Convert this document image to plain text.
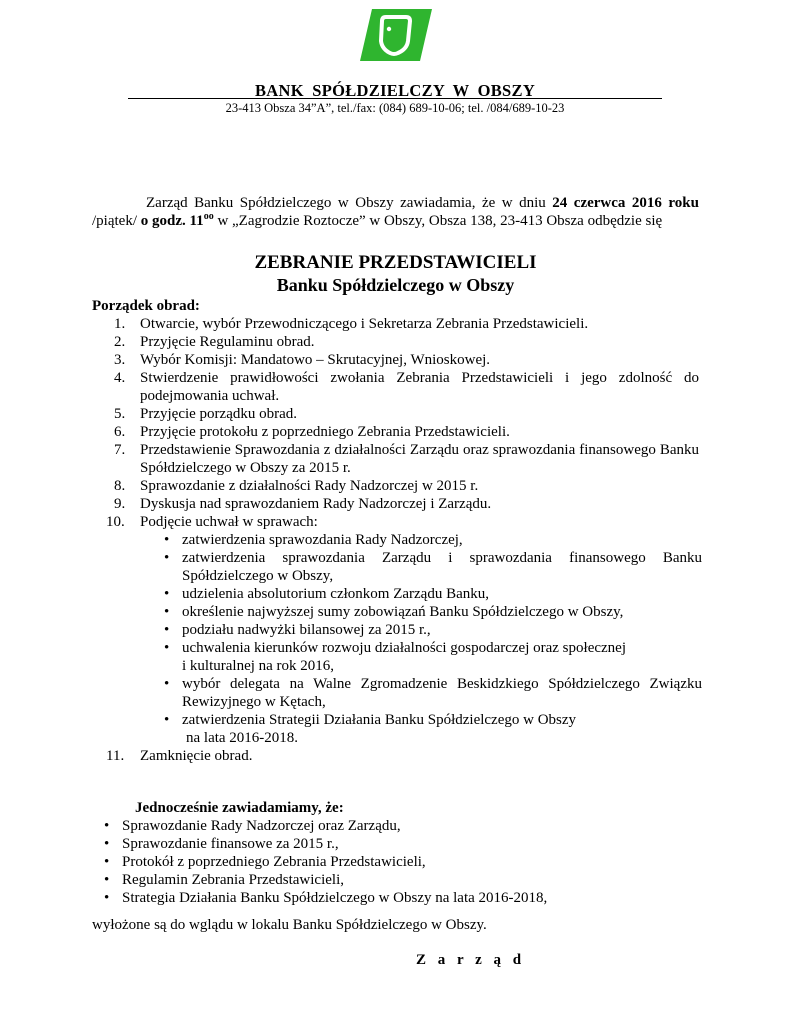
BANK SPÓŁDZIELCZY W OBSZY
23-413 Obsza 34”A”, tel./fax: (084) 689-10-06; tel. /084/689-10-23
Zarząd Banku Spółdzielczego w Obszy zawiadamia, że w dniu 24 czerwca 2016 roku
/piątek/ o godz. $11^{oo}$ w „Zagrodzie Roztocze” w Obszy, Obsza 138, 23-413 Obsza odbędzie się
ZEBRANIE PRZEDSTAWICIELI
Banku Spółdzielczego w Obszy
Porządek obrad:
1. Otwarcie, wybór Przewodniczącego i Sekretarza Zebrania Przedstawicieli.
2. Przyjęcie Regulaminu obrad.
3. Wybór Komisji: Mandatowo – Skrutacyjnej, Wnioskowej.
4. Stwierdzenie prawidłowości zwołania Zebrania Przedstawicieli i jego zdolność do podejmowania uchwał.
5. Przyjęcie porządku obrad.
6. Przyjęcie protokołu z poprzedniego Zebrania Przedstawicieli.
7. Przedstawienie Sprawozdania z działalności Zarządu oraz sprawozdania finansowego Banku Spółdzielczego w Obszy za 2015 r.
8. Sprawozdanie z działalności Rady Nadzorczej w 2015 r.
9. Dyskusja nad sprawozdaniem Rady Nadzorczej i Zarządu.
10. Podjęcie uchwał w sprawach:
• zatwierdzenia sprawozdania Rady Nadzorczej,
• zatwierdzenia sprawozdania Zarządu i sprawozdania finansowego Banku
Spółdzielczego w Obszy,
• udzielenia absolutorium członkom Zarządu Banku,
• określenie najwyższej sumy zobowiązań Banku Spółdzielczego w Obszy,
• podziału nadwyżki bilansowej za 2015 r.,
• uchwalenia kierunków rozwoju działalności gospodarczej oraz społecznej
i kulturalnej na rok 2016,
• wybór delegata na Walne Zgromadzenie Beskidzkiego Spółdzielczego Związku
Rewizyjnego w Kętach,
• zatwierdzenia Strategii Działania Banku Spółdzielczego w Obszy
na lata 2016-2018.
11. Zamknięcie obrad.
Jednocześnie zawiadamiamy, że:
• Sprawozdanie Rady Nadzorczej oraz Zarządu,
• Sprawozdanie finansowe za 2015 r.,
• Protokół z poprzedniego Zebrania Przedstawicieli,
• Regulamin Zebrania Przedstawicieli,
• Strategia Działania Banku Spółdzielczego w Obszy na lata 2016-2018,
wyłożone są do wglądu w lokalu Banku Spółdzielczego w Obszy.
Z a r z ą d
